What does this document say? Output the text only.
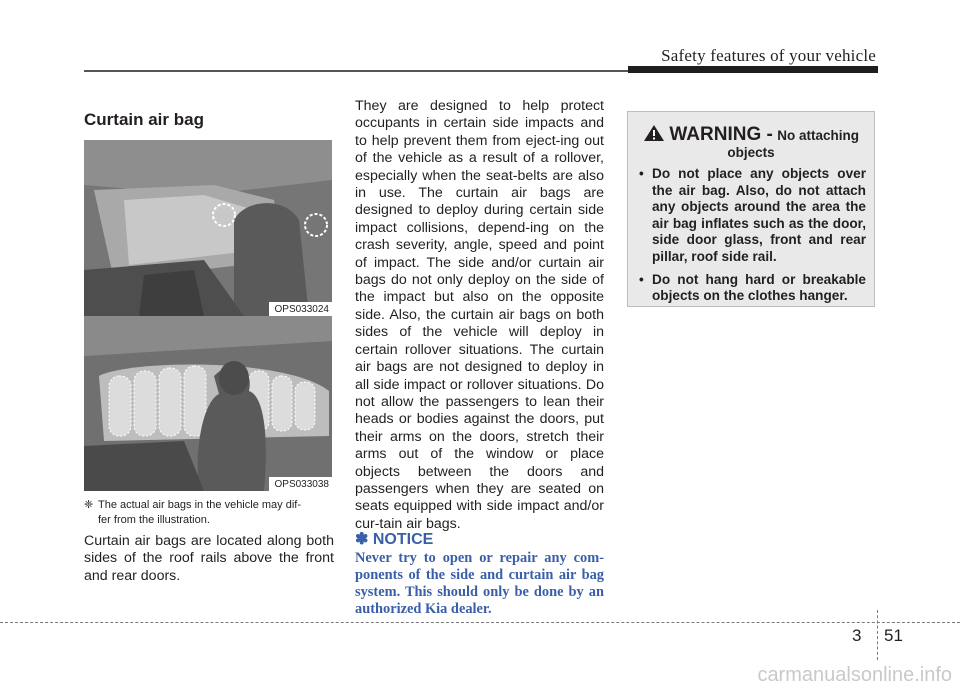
Safety features of your vehicle
Curtain air bag
OPS033024
OPS033038
❈ The actual air bags in the vehicle may dif-
fer from the illustration.
Curtain air bags are located along both sides of the roof rails above the front and rear doors.

They are designed to help protect occupants in certain side impacts and to help prevent them from eject-ing out of the vehicle as a result of a rollover, especially when the seat-belts are also in use. The curtain air bags are designed to deploy during certain side impact collisions, depend-ing on the crash severity, angle, speed and point of impact. The side and/or curtain air bags do not only deploy on the side of the impact but also on the opposite side. Also, the curtain air bags on both sides of the vehicle will deploy in certain rollover situations. The curtain air bags are not designed to deploy in all side impact or rollover situations. Do not allow the passengers to lean their heads or bodies against the doors, put their arms on the doors, stretch their arms out of the window or place objects between the doors and passengers when they are seated on seats equipped with side impact and/or cur-tain air bags.

✽ NOTICE
Never try to open or repair any com-ponents of the side and curtain air bag system. This should only be done by an authorized Kia dealer.
WARNING - No attaching
objects
• Do not place any objects over the air bag. Also, do not attach any objects around the area the air bag inflates such as the door, side door glass, front and rear pillar, roof side rail.
• Do not hang hard or breakable objects on the clothes hanger.
3 51
carmanualsonline.info
